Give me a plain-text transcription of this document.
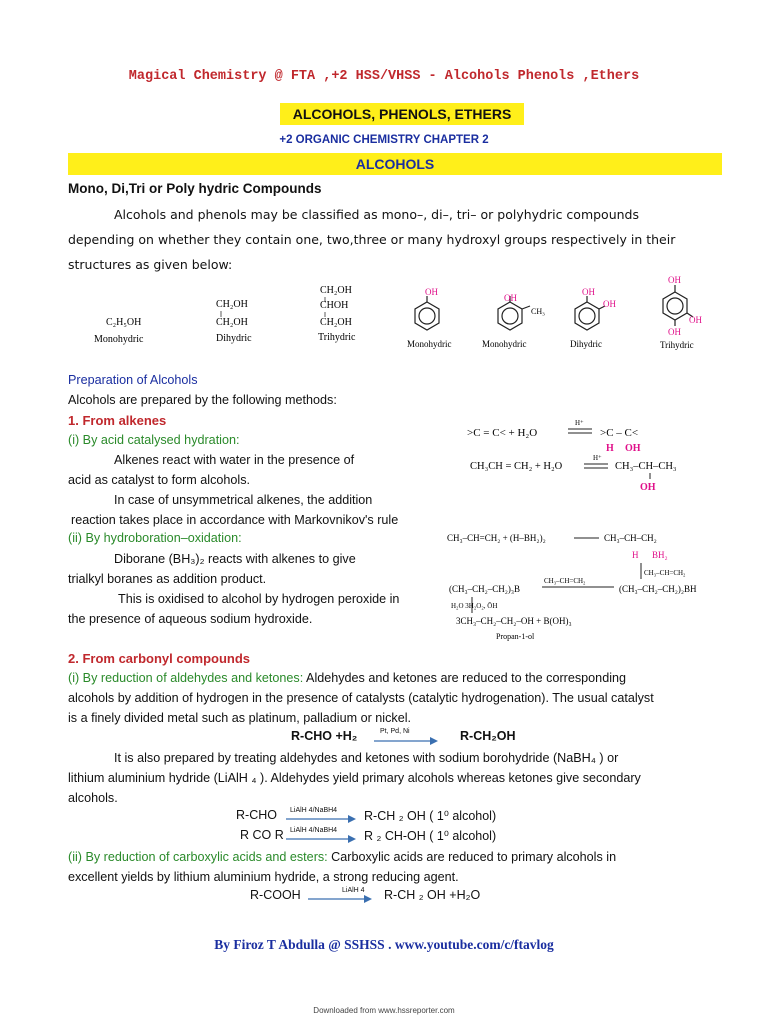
Magical Chemistry @ FTA ,+2 HSS/VHSS - Alcohols Phenols ,Ethers
ALCOHOLS, PHENOLS, ETHERS
+2 ORGANIC CHEMISTRY CHAPTER 2
ALCOHOLS
Mono, Di,Tri or Poly hydric Compounds
Alcohols and phenols may be classified as mono–, di–, tri– or polyhydric compounds
depending on whether they contain one, two,three or many hydroxyl groups respectively in their
structures as given below:
C₂H₅OH
Monohydric
CH₂OH
CH₂OH
Dihydric
CH₂OH
CHOH
CH₂OH
Trihydric
OH
Monohydric
OH
CH₃
Monohydric
OH
OH
Dihydric
OH
OH
OH
Trihydric
Preparation of Alcohols
Alcohols are prepared by the following methods:
1. From alkenes
(i) By acid catalysed hydration:
Alkenes react with water in the presence of
acid as catalyst to form alcohols.
In case of unsymmetrical alkenes, the addition
reaction takes place in accordance with Markovnikov's rule
(ii) By hydroboration–oxidation:
Diborane (BH₃)₂ reacts with alkenes to give
trialkyl boranes as addition product.
This is oxidised to alcohol by hydrogen peroxide in
the presence of aqueous sodium hydroxide.
>C = C< + H₂O
H⁺
>C – C<
H OH
CH₃CH = CH₂ + H₂O
H⁺
CH₃–CH–CH₃
OH
CH₃–CH=CH₂ + (H–BH₂)₂	CH₃–CH–CH₂
H BH₂
CH₃–CH=CH₂
CH₃–CH=CH₂
(CH₃–CH₂–CH₂)₃B	(CH₃–CH₂–CH₂)₂BH
H₂O 3H₂O₂, ŌH
3CH₃–CH₂–CH₂–OH + B(OH)₃
Propan-1-ol
2. From carbonyl compounds
(i) By reduction of aldehydes and ketones: Aldehydes and ketones are reduced to the corresponding
alcohols by addition of hydrogen in the presence of catalysts (catalytic hydrogenation). The usual catalyst
is a finely divided metal such as platinum, palladium or nickel.
R-CHO +H₂	Pt, Pd, Ni	R-CH₂OH
It is also prepared by treating aldehydes and ketones with sodium borohydride (NaBH₄ ) or
lithium aluminium hydride (LiAlH ₄ ). Aldehydes yield primary alcohols whereas ketones give secondary
alcohols.
R-CHO LiAlH 4/NaBH4 R-CH ₂ OH ( 1⁰ alcohol)
R CO R LiAlH 4/NaBH4 R ₂ CH-OH ( 1⁰ alcohol)
(ii) By reduction of carboxylic acids and esters: Carboxylic acids are reduced to primary alcohols in
excellent yields by lithium aluminium hydride, a strong reducing agent.
R-COOH	LiAlH 4 R-CH ₂ OH +H₂O
By Firoz T Abdulla @ SSHSS . www.youtube.com/c/ftavlog
Downloaded from www.hssreporter.com
